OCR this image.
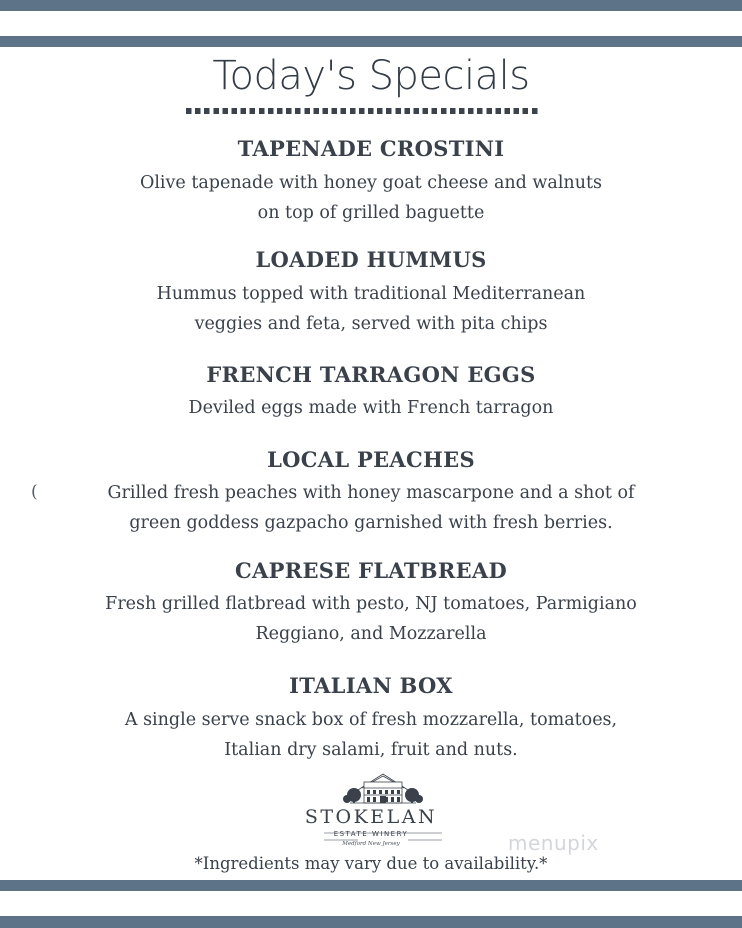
Today's Specials
TAPENADE CROSTINI
Olive tapenade with honey goat cheese and walnuts
on top of grilled baguette
LOADED HUMMUS
Hummus topped with traditional Mediterranean
veggies and feta, served with pita chips
FRENCH TARRAGON EGGS
Deviled eggs made with French tarragon
LOCAL PEACHES
(	Grilled fresh peaches with honey mascarpone and a shot of
green goddess gazpacho garnished with fresh berries.
CAPRESE FLATBREAD
Fresh grilled flatbread with pesto, NJ tomatoes, Parmigiano
Reggiano, and Mozzarella
ITALIAN BOX
A single serve snack box of fresh mozzarella, tomatoes,
Italian dry salami, fruit and nuts.
STOKELAN
ESTATE WINERY
Medford New Jersey	menupix
*Ingredients may vary due to availability.*
